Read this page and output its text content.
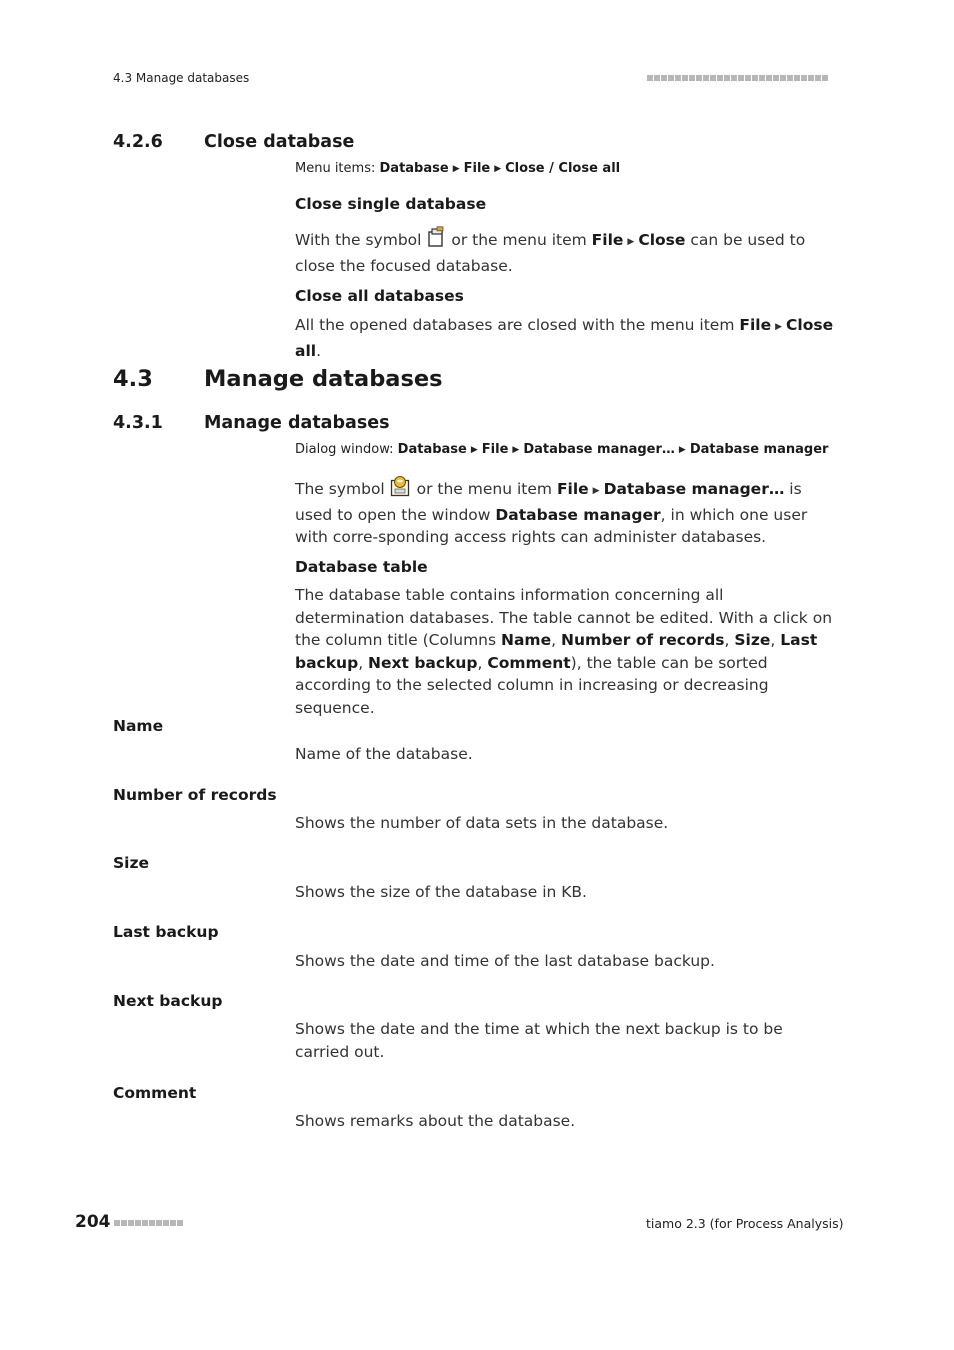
4.3 Manage databases
4.2.6 Close database
Menu items: Database ▶ File ▶ Close / Close all
Close single database
With the symbol or the menu item File ▶ Close can be used to close the focused database.
Close all databases
All the opened databases are closed with the menu item File ▶ Close all.
4.3 Manage databases
4.3.1 Manage databases
Dialog window: Database ▶ File ▶ Database manager… ▶ Database manager
The symbol or the menu item File ▶ Database manager… is used to open the window Database manager, in which one user with corre-sponding access rights can administer databases.
Database table
The database table contains information concerning all determination databases. The table cannot be edited. With a click on the column title (Columns Name, Number of records, Size, Last backup, Next backup, Comment), the table can be sorted according to the selected column in increasing or decreasing sequence.
Name
Name of the database.
Number of records
Shows the number of data sets in the database.
Size
Shows the size of the database in KB.
Last backup
Shows the date and time of the last database backup.
Next backup
Shows the date and the time at which the next backup is to be carried out.
Comment
Shows remarks about the database.
204	tiamo 2.3 (for Process Analysis)
